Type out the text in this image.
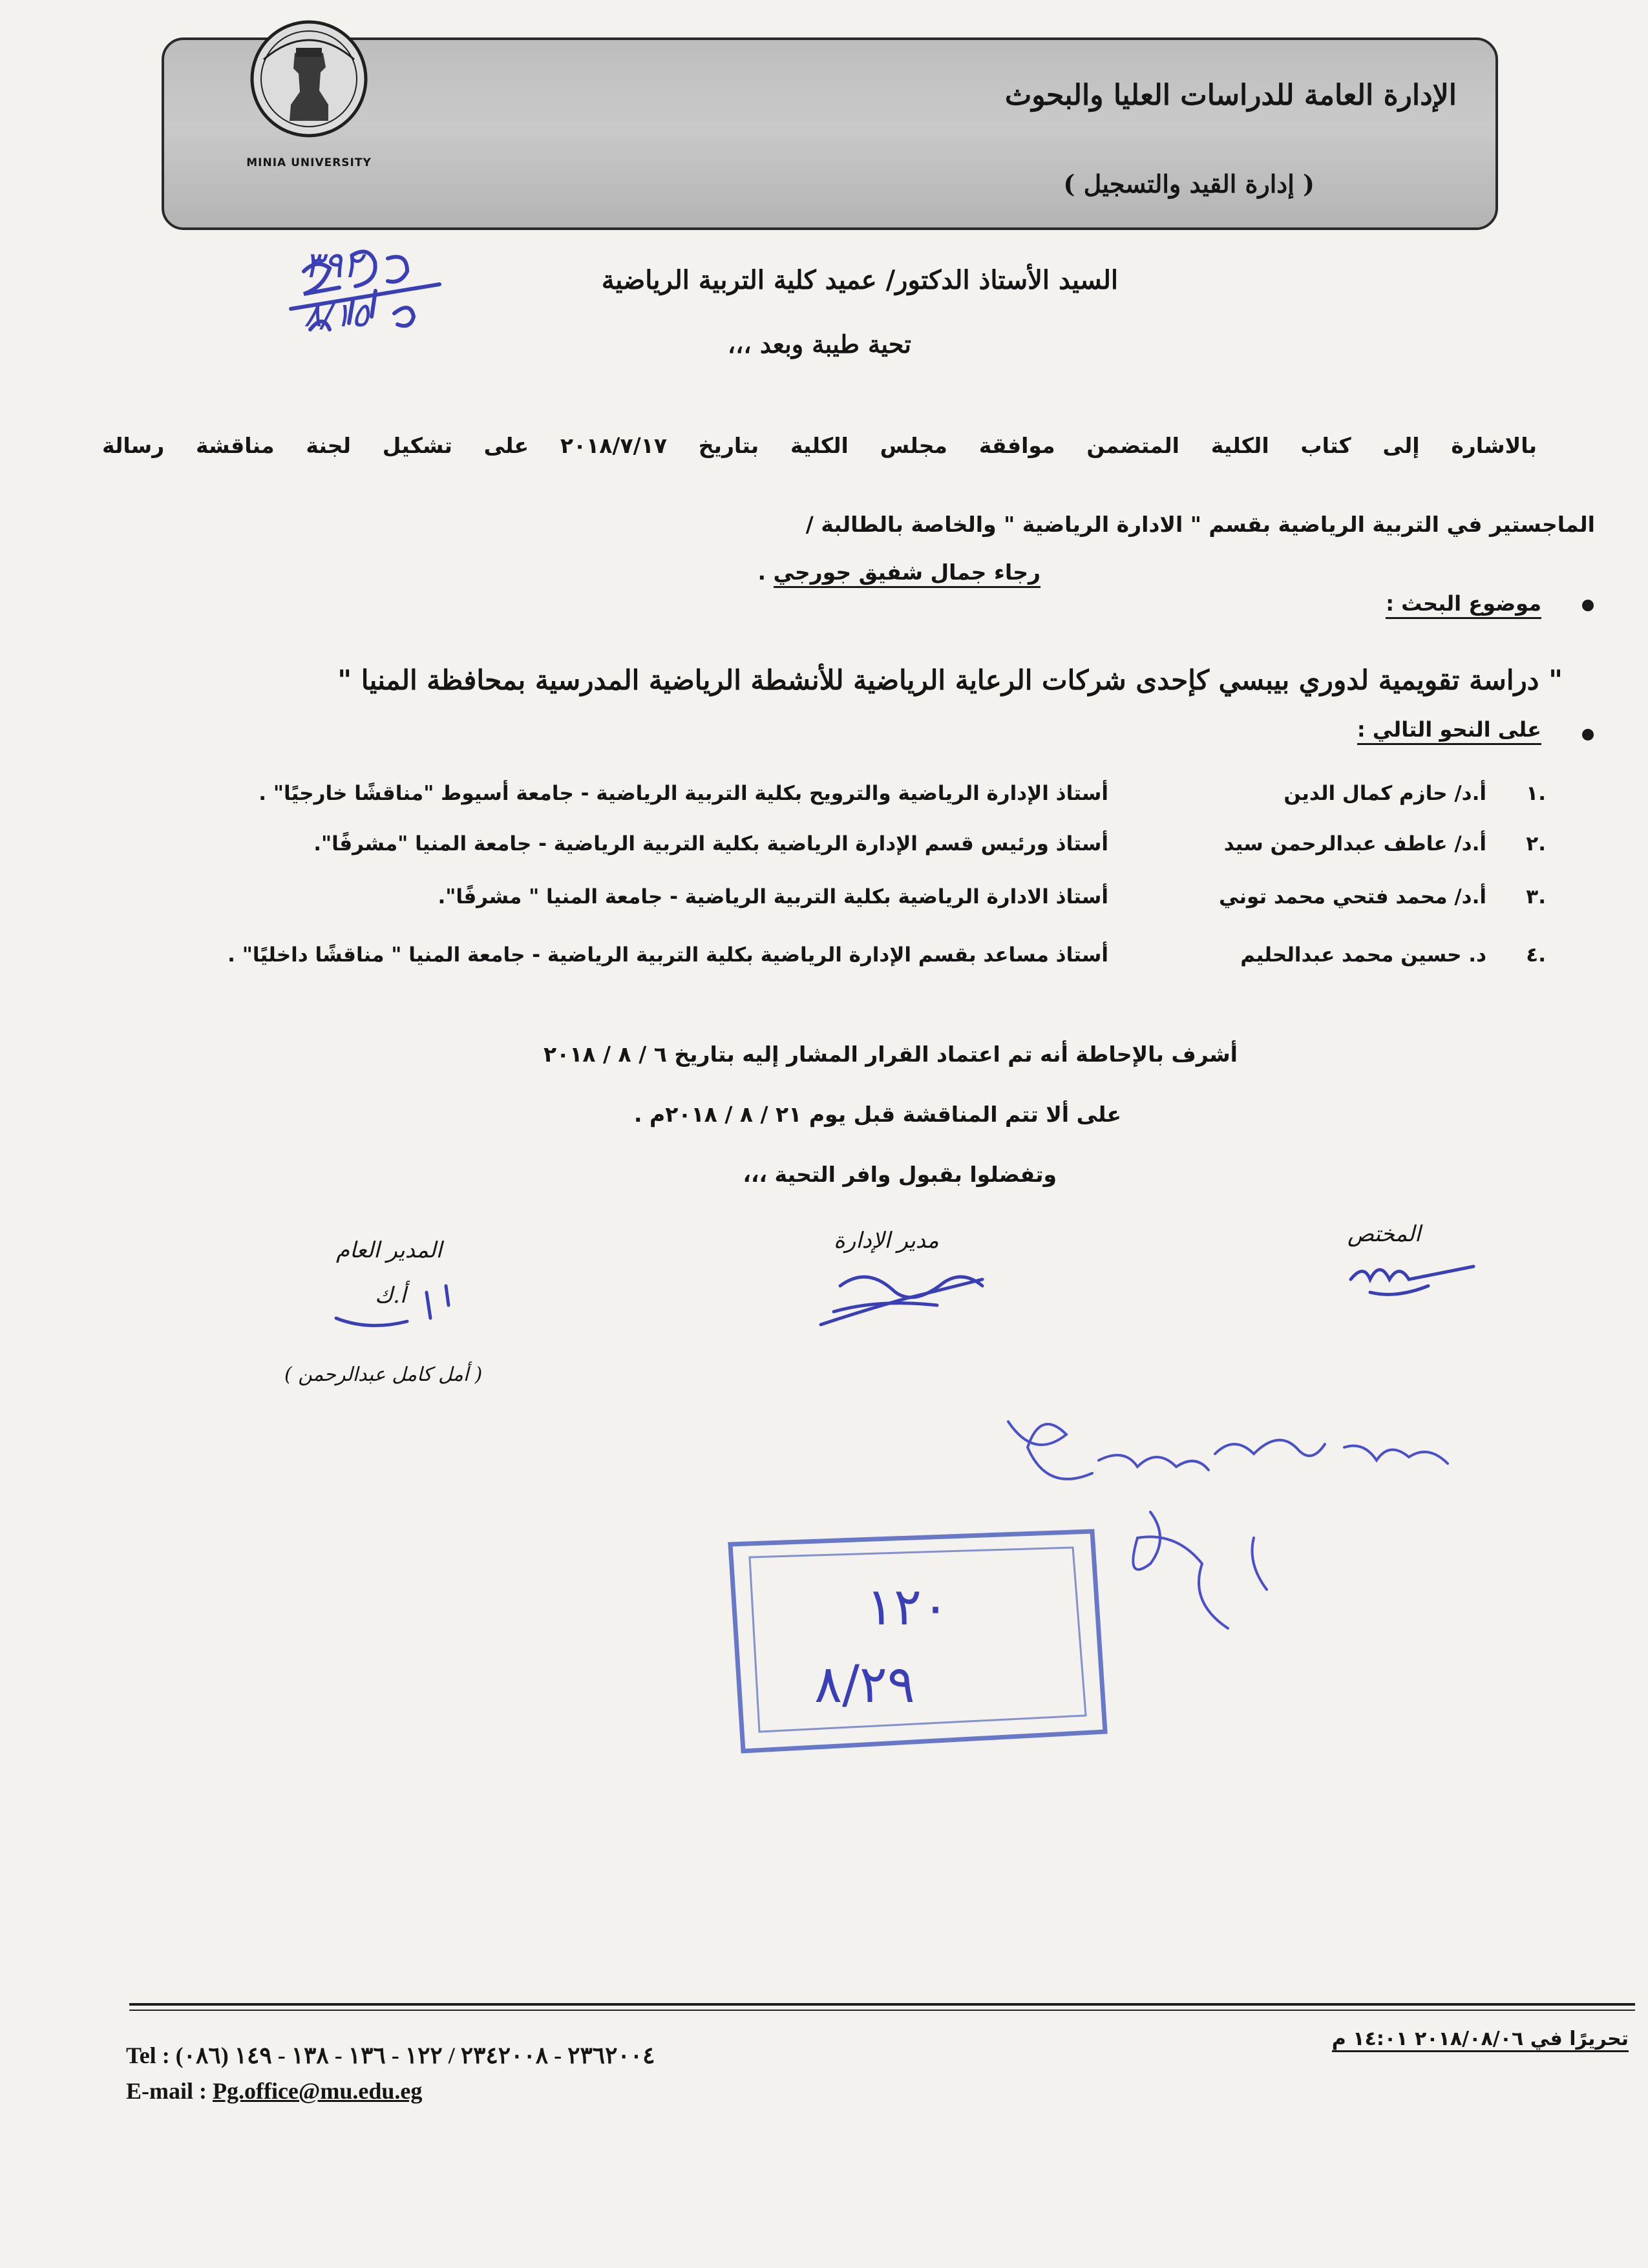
الإدارة العامة للدراسات العليا والبحوث
( إدارة القيد والتسجيل )
MINIA UNIVERSITY
١٢٠
٨/٢٩
السيد الأستاذ الدكتور/ عميد كلية التربية الرياضية
تحية طيبة وبعد ،،،
بالاشارة إلى كتاب الكلية المتضمن موافقة مجلس الكلية بتاريخ ٢٠١٨/٧/١٧ على تشكيل لجنة مناقشة رسالة
الماجستير في التربية الرياضية بقسم " الادارة الرياضية " والخاصة بالطالبة /
رجاء جمال شفيق جورجي .
موضوع البحث :
" دراسة تقويمية لدوري بيبسي كإحدى شركات الرعاية الرياضية للأنشطة الرياضية المدرسية بمحافظة المنيا "
على النحو التالي :
.١
أ.د/ حازم كمال الدين
أستاذ الإدارة الرياضية والترويح بكلية التربية الرياضية - جامعة أسيوط "مناقشًا خارجيًا" .
.٢
أ.د/ عاطف عبدالرحمن سيد
أستاذ ورئيس قسم الإدارة الرياضية بكلية التربية الرياضية - جامعة المنيا "مشرفًا".
.٣
أ.د/ محمد فتحي محمد توني
أستاذ الادارة الرياضية بكلية التربية الرياضية - جامعة المنيا " مشرفًا".
.٤
د. حسين محمد عبدالحليم
أستاذ مساعد بقسم الإدارة الرياضية بكلية التربية الرياضية - جامعة المنيا " مناقشًا داخليًا" .
أشرف بالإحاطة أنه تم اعتماد القرار المشار إليه بتاريخ ٦ / ٨ / ٢٠١٨
على ألا تتم المناقشة قبل يوم ٢١ / ٨ / ٢٠١٨م .
وتفضلوا بقبول وافر التحية ،،،
المختص
مدير الإدارة
المدير العام
أ.ك
( أمل كامل عبدالرحمن )
٣٩٢
٨/١٥
تحريرًا في ٢٠١٨/٠٨/٠٦ ١٤:٠١ م
Tel : (٠٨٦) ٢٣٦٢٠٠٤ - ٢٣٤٢٠٠٨ / ١٢٢ - ١٣٦ - ١٣٨ - ١٤٩
E-mail : Pg.office@mu.edu.eg
